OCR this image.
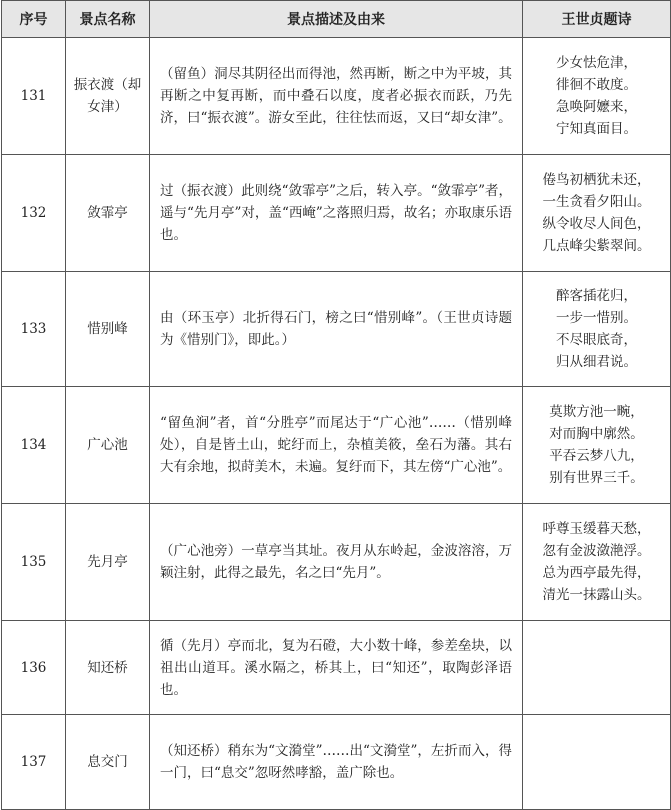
序号	景点名称	景点描述及由来	王世贞题诗
131	振衣渡（却女津）	（留鱼）洞尽其阴径出而得池，然再断，断之中为平坡，其再断之中复再断，而中叠石以度，度者必振衣而跃，乃先济，曰“振衣渡”。游女至此，往往怯而返，又曰“却女津”。	少女怯危津，
徘徊不敢度。
急唤阿嬷来，
宁知真面目。

132	敛霏亭	过（振衣渡）此则绕“敛霏亭”之后，转入亭。“敛霏亭”者，遥与“先月亭”对，盖“西崦”之落照归焉，故名；亦取康乐语也。	倦鸟初栖犹未还，
一生贪看夕阳山。
纵令收尽人间色，
几点峰尖紫翠间。

133	惜别峰	由（环玉亭）北折得石门，榜之曰“惜别峰”。（王世贞诗题为《惜别门》，即此。）	醉客插花归，
一步一惜别。
不尽眼底奇，
归从细君说。

134	广心池	“留鱼涧”者，首“分胜亭”而尾达于“广心池”……（惜别峰处），自是皆土山，蛇纡而上，杂植美筱，垒石为藩。其右大有余地，拟莳美木，未遍。复纡而下，其左傍“广心池”。	莫欺方池一畹，
对而胸中廓然。
平吞云梦八九，
别有世界三千。

135	先月亭	（广心池旁）一草亭当其址。夜月从东岭起，金波溶溶，万颖注射，此得之最先，名之曰“先月”。	呼尊玉缓暮天愁，
忽有金波潋滟浮。
总为西亭最先得，
清光一抹露山头。

136	知还桥	循（先月）亭而北，复为石磴，大小数十峰，参差垒块，以祖出山道耳。溪水隔之，桥其上，曰“知还”，取陶彭泽语也。	
137	息交门	（知还桥）稍东为“文漪堂”……出“文漪堂”，左折而入，得一门，曰“息交”忽呀然哮豁，盖广除也。	
